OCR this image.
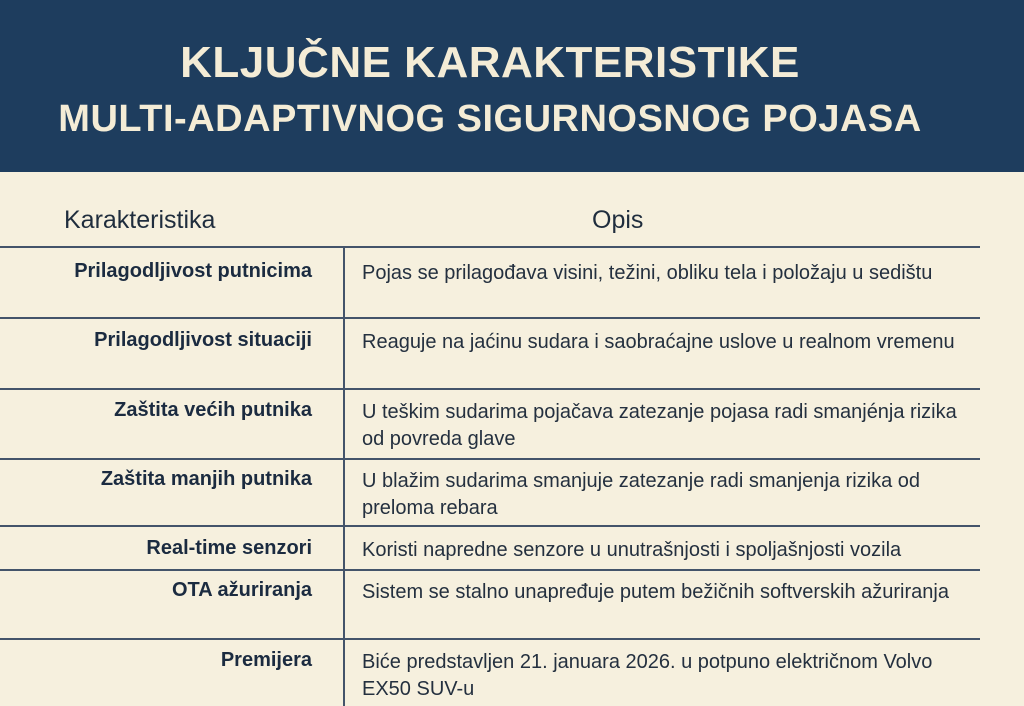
KLJUČNE KARAKTERISTIKE
MULTI-ADAPTIVNOG SIGURNOSNOG POJASA
Karakteristika	Opis
Prilagodljivost putnicima	Pojas se prilagođava visini, težini, obliku tela i položaju u sedištu
Prilagodljivost situaciji	Reaguje na jaćinu sudara i saobraćajne uslove u realnom vremenu
Zaštita većih putnika	U teškim sudarima pojačava zatezanje pojasa radi smanjénja rizika od povreda glave
Zaštita manjih putnika	U blažim sudarima smanjuje zatezanje radi smanjenja rizika od preloma rebara
Real-time senzori	Koristi napredne senzore u unutrašnjosti i spoljašnjosti vozila
OTA ažuriranja	Sistem se stalno unapređuje putem bežičnih softverskih ažuriranja
Premijera	Biće predstavljen 21. januara 2026. u potpuno električnom Volvo EX50 SUV-u
